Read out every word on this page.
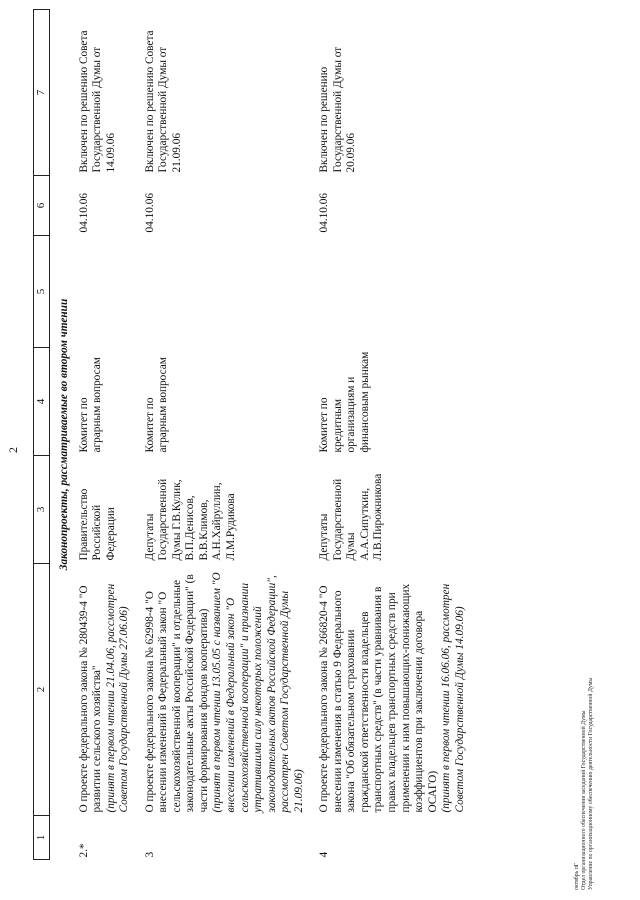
2
1	2	3	4	5	6	7
Законопроекты, рассматриваемые во втором чтении						
2.*	О проекте федерального закона № 280439-4 "О развитии сельского хозяйства" (принят в первом чтении 21.04.06, рассмотрен Советом Государственной Думы 27.06.06)	Правительство Российской Федерации	Комитет по аграрным вопросам		04.10.06	Включен по решению Совета Государственной Думы от 14.09.06
3	О проекте федерального закона № 62998-4 "О внесении изменений в Федеральный закон "О сельскохозяйственной кооперации" и отдельные законодательные акты Российской Федерации" (в части формирования фондов кооператива) (принят в первом чтении 13.05.05 с названием "О внесении изменений в Федеральный закон "О сельскохозяйственной кооперации" и признании утратившими силу некоторых положений законодательных актов Российской Федерации", рассмотрен Советом Государственной Думы 21.09.06)	Депутаты Государственной Думы Г.В.Кулик, В.П.Денисов, В.В.Климов, А.Н.Хайруллин, Л.М.Рудикова	Комитет по аграрным вопросам		04.10.06	Включен по решению Совета Государственной Думы от 21.09.06
4	О проекте федерального закона № 266820-4 "О внесении изменения в статью 9 Федерального закона "Об обязательном страховании гражданской ответственности владельцев транспортных средств" (в части уравнивания в правах владельцев транспортных средств при применении к ним повышающих-понижающих коэффициентов при заключении договора ОСАГО) (принят в первом чтении 16.06.06, рассмотрен Советом Государственной Думы 14.09.06)	Депутаты Государственной Думы А.А.Сипуткин, Л.В.Пирожникова	Комитет по кредитным организациям и финансовым рынкам		04.10.06	Включен по решению Государственной Думы от 20.09.06
октябрь пГ Отдел организационного обеспечения заседаний Государственной Думы Управление по организационному обеспечению деятельности Государственной Думы
